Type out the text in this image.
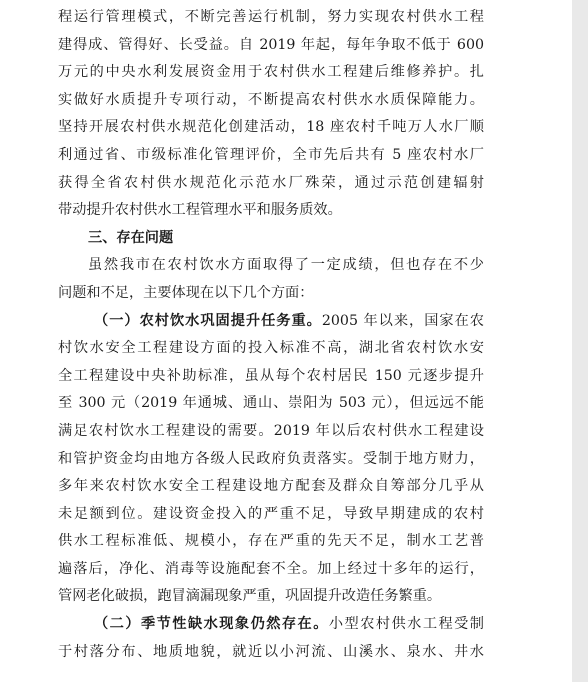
程运行管理模式，不断完善运行机制，努力实现农村供水工程
建得成、管得好、长受益。自 2019 年起，每年争取不低于 600
万元的中央水利发展资金用于农村供水工程建后维修养护。扎
实做好水质提升专项行动，不断提高农村供水水质保障能力。
坚持开展农村供水规范化创建活动，18 座农村千吨万人水厂顺
利通过省、市级标准化管理评价，全市先后共有 5 座农村水厂
获得全省农村供水规范化示范水厂殊荣，通过示范创建辐射
带动提升农村供水工程管理水平和服务质效。
三、存在问题
虽然我市在农村饮水方面取得了一定成绩，但也存在不少
问题和不足，主要体现在以下几个方面：
（一）农村饮水巩固提升任务重。2005 年以来，国家在农
村饮水安全工程建设方面的投入标准不高，湖北省农村饮水安
全工程建设中央补助标准，虽从每个农村居民 150 元逐步提升
至 300 元（2019 年通城、通山、崇阳为 503 元），但远远不能
满足农村饮水工程建设的需要。2019 年以后农村供水工程建设
和管护资金均由地方各级人民政府负责落实。受制于地方财力，
多年来农村饮水安全工程建设地方配套及群众自筹部分几乎从
未足额到位。建设资金投入的严重不足，导致早期建成的农村
供水工程标准低、规模小，存在严重的先天不足，制水工艺普
遍落后，净化、消毒等设施配套不全。加上经过十多年的运行，
管网老化破损，跑冒滴漏现象严重，巩固提升改造任务繁重。
（二）季节性缺水现象仍然存在。小型农村供水工程受制
于村落分布、地质地貌，就近以小河流、山溪水、泉水、井水
